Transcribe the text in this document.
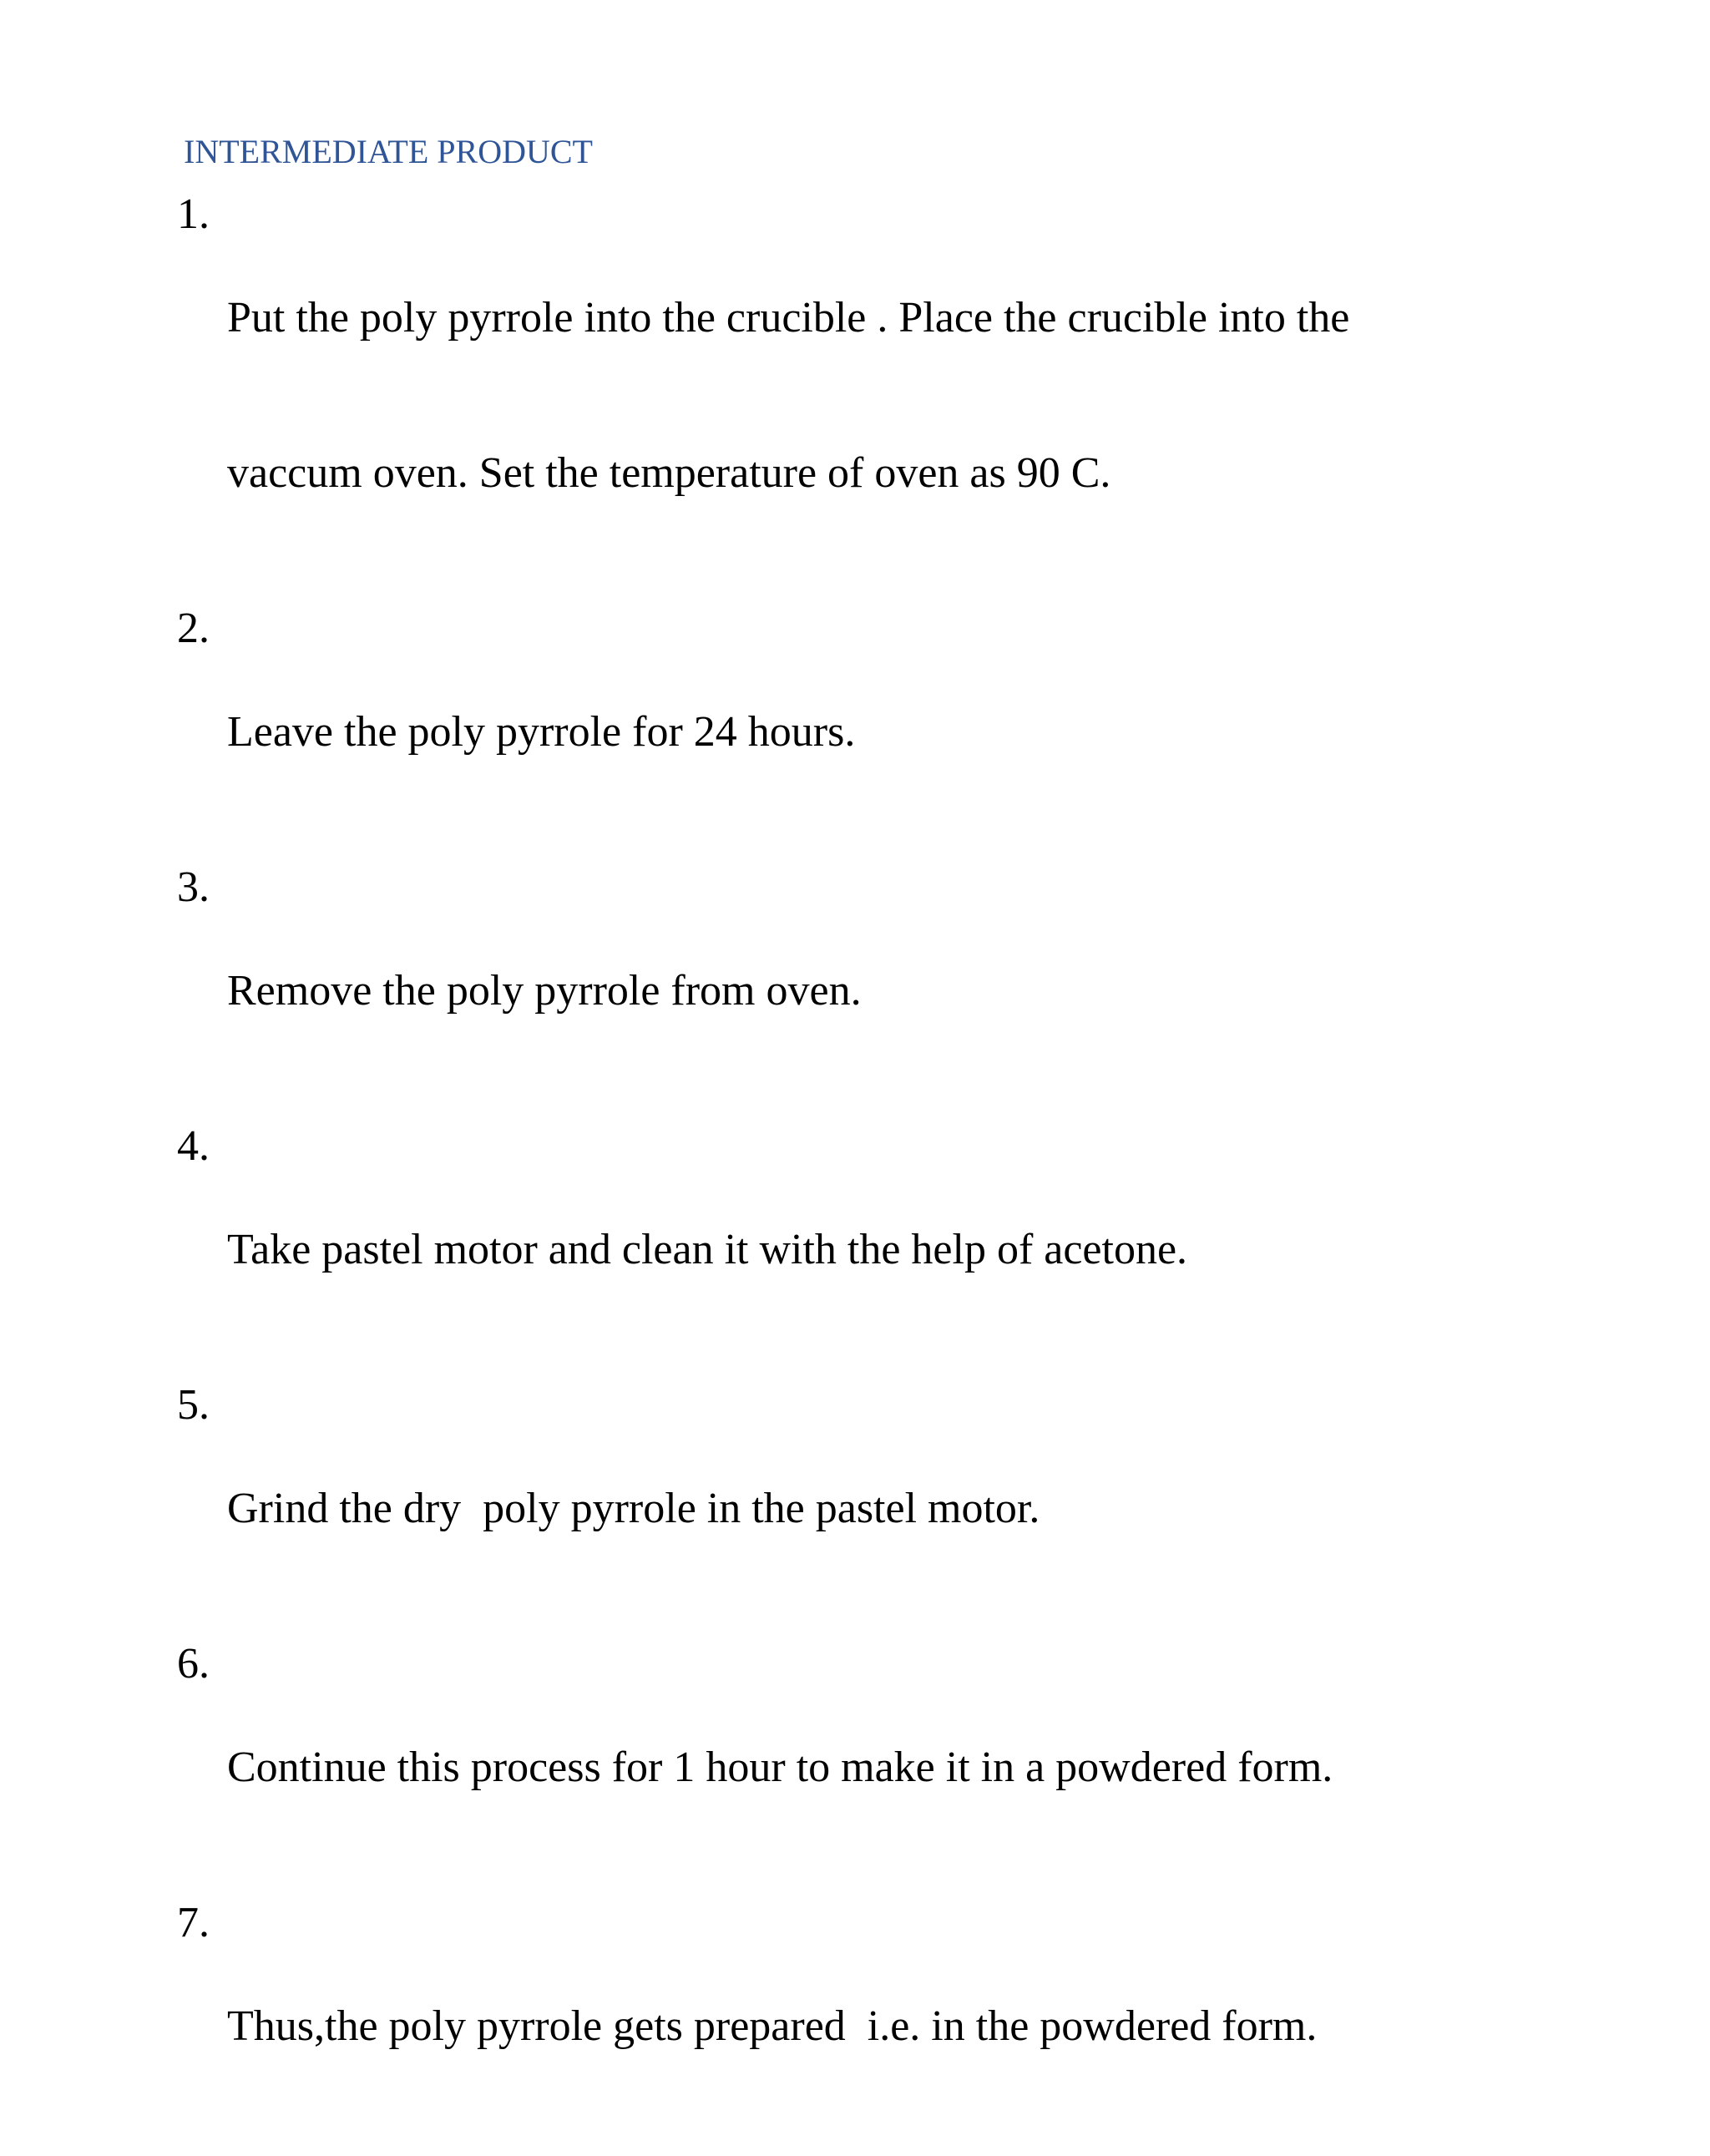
INTERMEDIATE PRODUCT
1.

Put the poly pyrrole into the crucible . Place the crucible into the

vaccum oven. Set the temperature of oven as 90 C.

2.

Leave the poly pyrrole for 24 hours.

3.

Remove the poly pyrrole from oven.

4.

Take pastel motor and clean it with the help of acetone.

5.

Grind the dry  poly pyrrole in the pastel motor.

6.

Continue this process for 1 hour to make it in a powdered form.

7.

Thus,the poly pyrrole gets prepared  i.e. in the powdered form.
